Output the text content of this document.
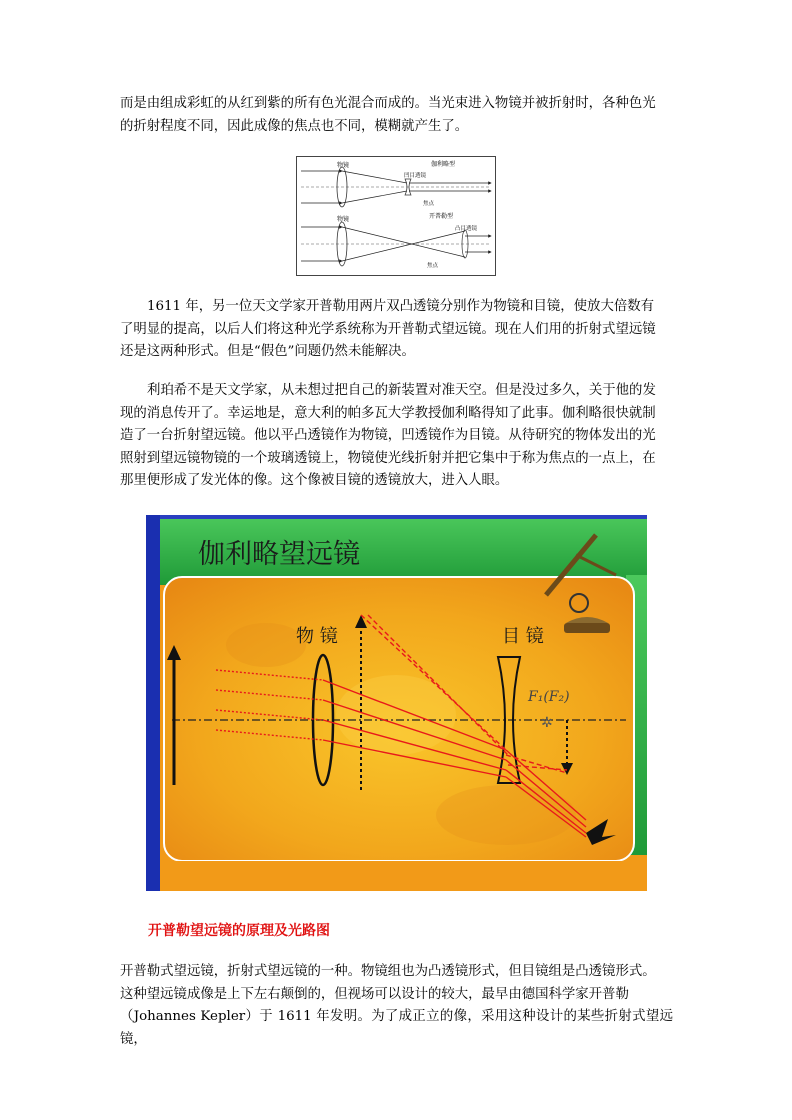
而是由组成彩虹的从红到紫的所有色光混合而成的。当光束进入物镜并被折射时，各种色光
的折射程度不同，因此成像的焦点也不同，模糊就产生了。
物镜	伽利略型
凹目透镜
焦点
物镜	开普勒型
凸目透镜
焦点
1611 年，另一位天文学家开普勒用两片双凸透镜分别作为物镜和目镜，使放大倍数有
了明显的提高，以后人们将这种光学系统称为开普勒式望远镜。现在人们用的折射式望远镜
还是这两种形式。但是“假色”问题仍然未能解决。
利珀希不是天文学家，从未想过把自己的新装置对准天空。但是没过多久，关于他的发
现的消息传开了。幸运地是，意大利的帕多瓦大学教授伽利略得知了此事。伽利略很快就制
造了一台折射望远镜。他以平凸透镜作为物镜，凹透镜作为目镜。从待研究的物体发出的光
照射到望远镜物镜的一个玻璃透镜上，物镜使光线折射并把它集中于称为焦点的一点上，在
那里便形成了发光体的像。这个像被目镜的透镜放大，进入人眼。
伽利略望远镜
物 镜	目 镜
F₁(F₂)
✲
开普勒望远镜的原理及光路图
开普勒式望远镜，折射式望远镜的一种。物镜组也为凸透镜形式，但目镜组是凸透镜形式。
这种望远镜成像是上下左右颠倒的，但视场可以设计的较大，最早由德国科学家开普勒
（Johannes Kepler）于 1611 年发明。为了成正立的像，采用这种设计的某些折射式望远镜，
